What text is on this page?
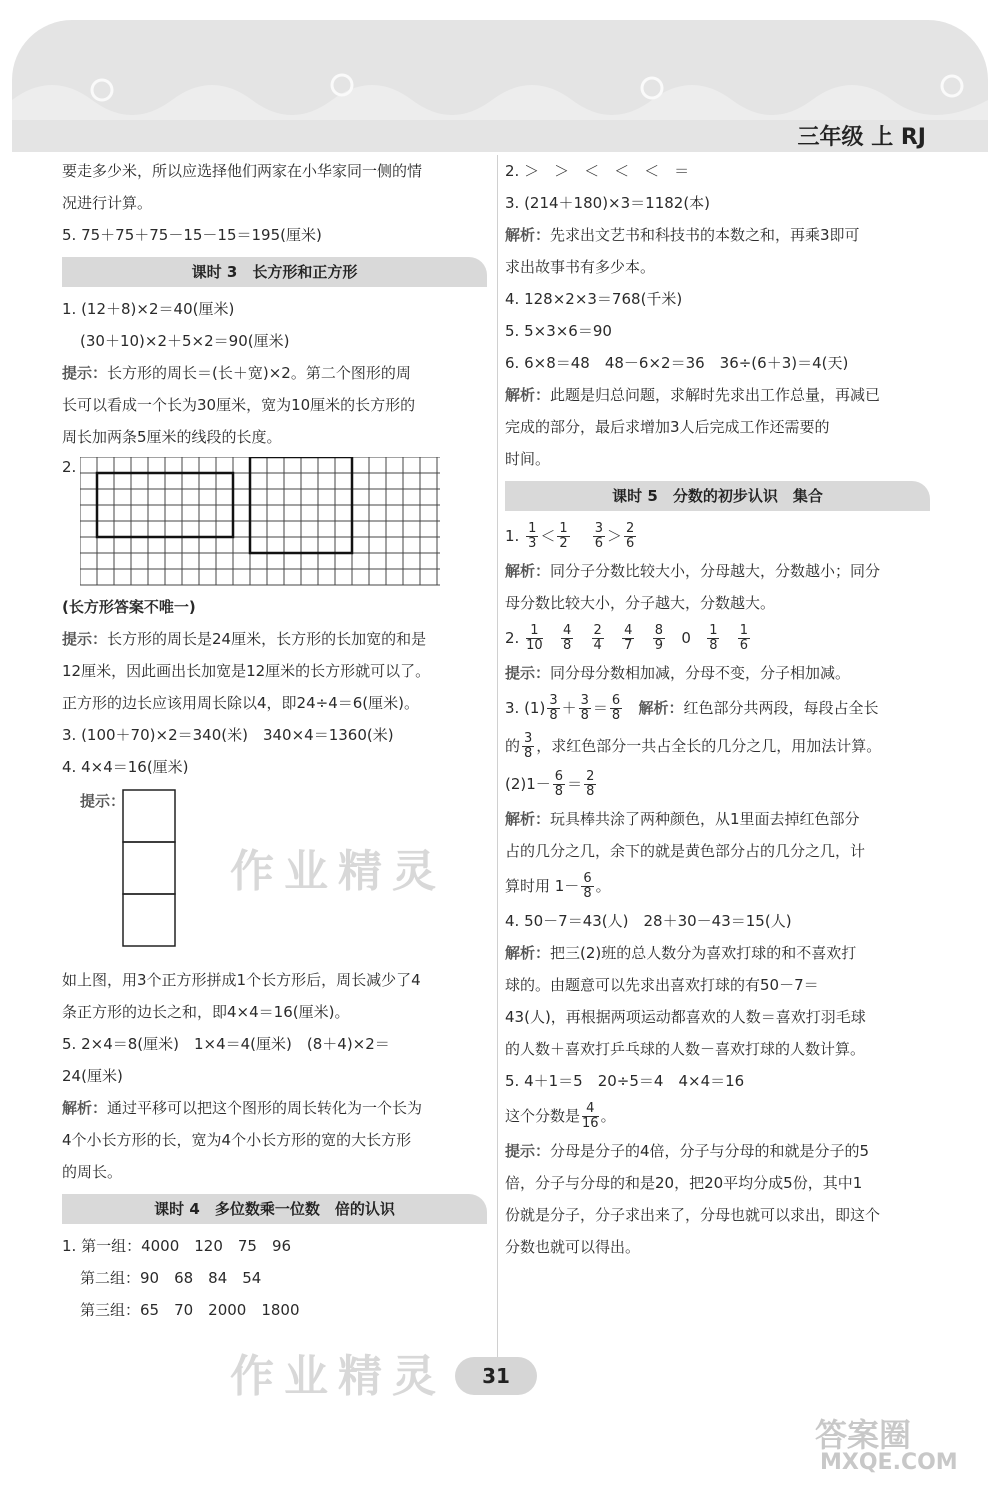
三年级 上 RJ

要走多少米，所以应选择他们两家在小华家同一侧的情

况进行计算。

5. 75＋75＋75－15－15＝195(厘米)

课时 3　长方形和正方形

1. (12＋8)×2＝40(厘米)

(30＋10)×2＋5×2＝90(厘米)

提示：长方形的周长＝(长＋宽)×2。第二个图形的周

长可以看成一个长为30厘米，宽为10厘米的长方形的

周长加两条5厘米的线段的长度。

2.

(长方形答案不唯一)

提示：长方形的周长是24厘米，长方形的长加宽的和是

12厘米，因此画出长加宽是12厘米的长方形就可以了。

正方形的边长应该用周长除以4，即24÷4＝6(厘米)。

3. (100＋70)×2＝340(米)　340×4＝1360(米)

4. 4×4＝16(厘米)

提示：

如上图，用3个正方形拼成1个长方形后，周长减少了4

条正方形的边长之和，即4×4＝16(厘米)。

5. 2×4＝8(厘米)　1×4＝4(厘米)　(8＋4)×2＝

24(厘米)

解析：通过平移可以把这个图形的周长转化为一个长为

4个小长方形的长，宽为4个小长方形的宽的大长方形

的周长。

课时 4　多位数乘一位数　倍的认识

1. 第一组：4000　120　75　96

第二组：90　68　84　54

第三组：65　70　2000　1800

2. ＞　＞　＜　＜　＜　＝

3. (214＋180)×3＝1182(本)

解析：先求出文艺书和科技书的本数之和，再乘3即可

求出故事书有多少本。

4. 128×2×3＝768(千米)

5. 5×3×6＝90

6. 6×8＝48　48－6×2＝36　36÷(6＋3)＝4(天)

解析：此题是归总问题，求解时先求出工作总量，再减已

完成的部分，最后求增加3人后完成工作还需要的

时间。

课时 5　分数的初步认识　集合

1. $\frac{1}{3} < \frac{1}{2}$
$\frac{3}{6} > \frac{2}{6}$

解析：同分子分数比较大小，分母越大，分数越小；同分

母分数比较大小，分子越大，分数越大。

2. $\frac{1}{10}$
$\frac{4}{8}$
$\frac{2}{4}$
$\frac{4}{7}$
$\frac{8}{9} 0 \frac{1}{8}$
$\frac{1}{6}$

提示：同分母分数相加减，分母不变，分子相加减。

3. $(1) \frac{3}{8} + \frac{3}{8} = \frac{6}{8}$ 解析：红色部分共两段，每段占全长

的 $\frac{3}{8}$ ，求红色部分一共占全长的几分之几，用加法计算。

$(2)1- \frac{6}{8} = \frac{2}{8}$

解析：玩具棒共涂了两种颜色，从1里面去掉红色部分

占的几分之几，余下的就是黄色部分占的几分之几，计

算时用 $1- \frac{6}{8}$ 。

4. 50－7＝43(人)　28＋30－43＝15(人)

解析：把三(2)班的总人数分为喜欢打球的和不喜欢打

球的。由题意可以先求出喜欢打球的有50－7＝

43(人)，再根据两项运动都喜欢的人数＝喜欢打羽毛球

的人数＋喜欢打乒乓球的人数－喜欢打球的人数计算。

5. 4＋1＝5　20÷5＝4　4×4＝16

这个分数是 $\frac{4}{16}$ 。

提示：分母是分子的4倍，分子与分母的和就是分子的5

倍，分子与分母的和是20，把20平均分成5份，其中1

份就是分子，分子求出来了，分母也就可以求出，即这个

分数也就可以得出。

作业精灵
作业精灵	31
答案圈
MXQE.COM
